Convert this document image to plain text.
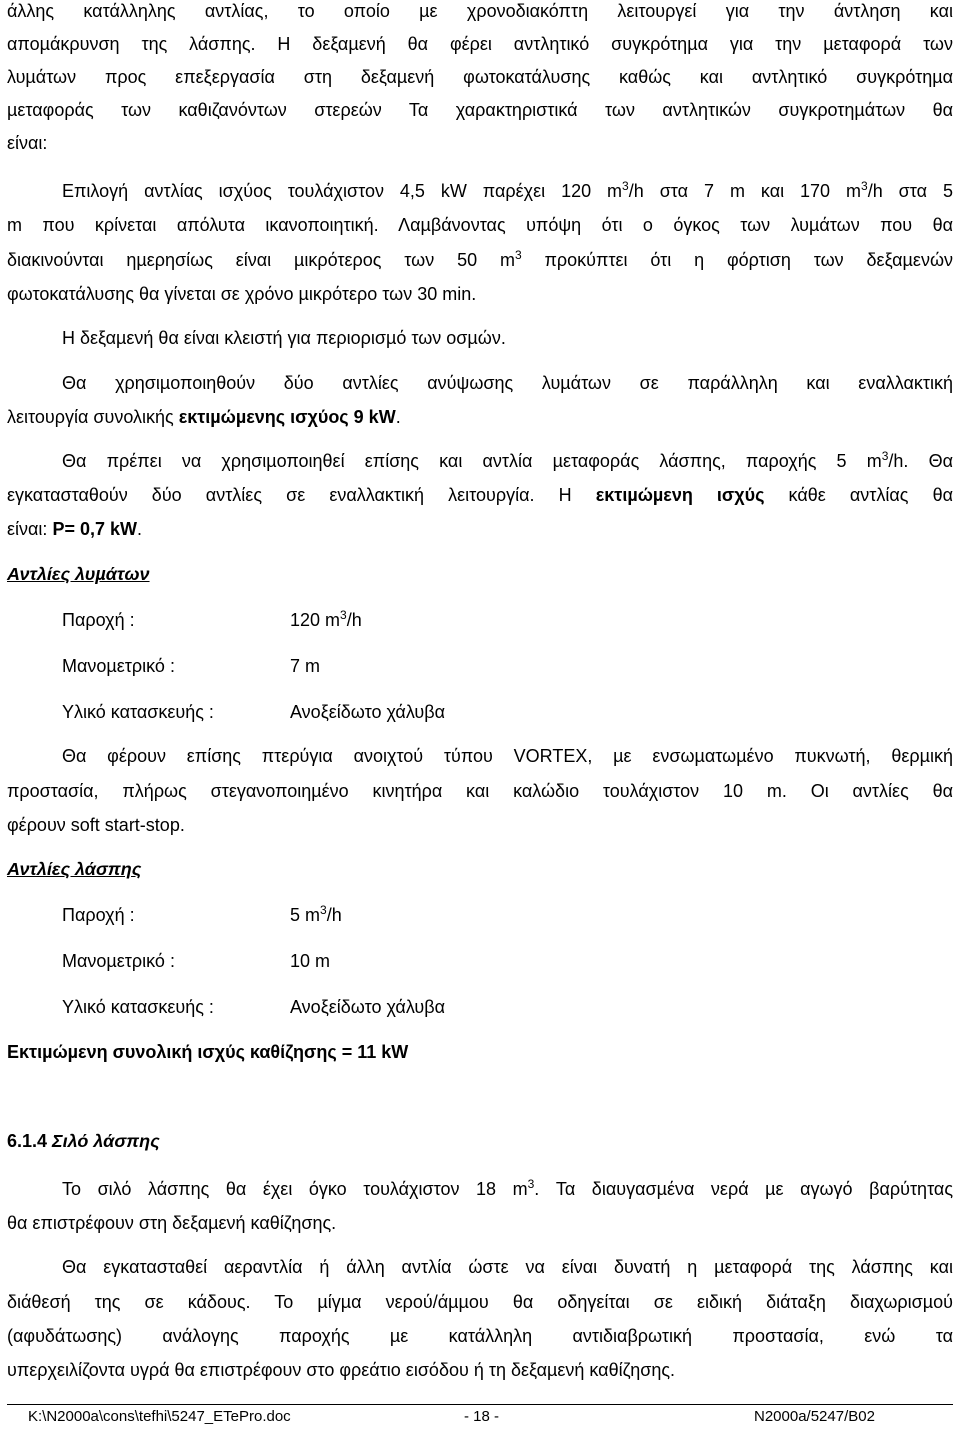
άλλης κατάλληλης αντλίας, το οποίο µε χρονοδιακόπτη λειτουργεί για την άντληση και
αποµάκρυνση της λάσπης. Η δεξαµενή θα φέρει αντλητικό συγκρότηµα για την µεταφορά των
λυµάτων προς επεξεργασία στη δεξαµενή φωτοκατάλυσης καθώς και αντλητικό συγκρότηµα
µεταφοράς των καθιζανόντων στερεών Τα χαρακτηριστικά των αντλητικών συγκροτηµάτων θα
είναι:
Επιλογή αντλίας ισχύος τουλάχιστον 4,5 kW παρέχει 120 $m^3/h$ στα 7 m και 170 $m^3/h$ στα 5
m που κρίνεται απόλυτα ικανοποιητική. Λαµβάνοντας υπόψη ότι ο όγκος των λυµάτων που θα
διακινούνται ηµερησίως είναι µικρότερος των 50 $m^3$ προκύπτει ότι η φόρτιση των δεξαµενών
φωτοκατάλυσης θα γίνεται σε χρόνο µικρότερο των 30 min.
Η δεξαµενή θα είναι κλειστή για περιορισµό των οσµών.
Θα χρησιµοποιηθούν δύο αντλίες ανύψωσης λυµάτων σε παράλληλη και εναλλακτική
λειτουργία συνολικής εκτιµώµενης ισχύος 9 kW.
Θα πρέπει να χρησιµοποιηθεί επίσης και αντλία µεταφοράς λάσπης, παροχής 5 $m^3/h$. Θα
εγκατασταθούν δύο αντλίες σε εναλλακτική λειτουργία. Η εκτιµώµενη ισχύς κάθε αντλίας θα
είναι: P= 0,7 kW.
Αντλίες λυµάτων
Παροχή :	120 $m^3/h$
Μανοµετρικό :	7 m
Υλικό κατασκευής :	Ανοξείδωτο χάλυβα
Θα φέρουν επίσης πτερύγια ανοιχτού τύπου VORTEX, µε ενσωµατωµένο πυκνωτή, θερµική
προστασία, πλήρως στεγανοποιηµένο κινητήρα και καλώδιο τουλάχιστον 10 m. Οι αντλίες θα
φέρουν soft start-stop.
Αντλίες λάσπης
Παροχή :	5 $m^3/h$
Μανοµετρικό :	10 m
Υλικό κατασκευής :	Ανοξείδωτο χάλυβα
Εκτιµώµενη συνολική ισχύς καθίζησης = 11 kW
6.1.4 Σιλό λάσπης
Το σιλό λάσπης θα έχει όγκο τουλάχιστον 18 $m^3$. Τα διαυγασµένα νερά µε αγωγό βαρύτητας
θα επιστρέφουν στη δεξαµενή καθίζησης.
Θα εγκατασταθεί αεραντλία ή άλλη αντλία ώστε να είναι δυνατή η µεταφορά της λάσπης και
διάθεσή της σε κάδους. Το µίγµα νερού/άµµου θα οδηγείται σε ειδική διάταξη διαχωρισµού
(αφυδάτωσης) ανάλογης παροχής µε κατάλληλη αντιδιαβρωτική προστασία, ενώ τα
υπερχειλίζοντα υγρά θα επιστρέφουν στο φρεάτιο εισόδου ή τη δεξαµενή καθίζησης.
K:\N2000a\cons\tefhi\5247_ETePro.doc	- 18 -	N2000a/5247/B02
